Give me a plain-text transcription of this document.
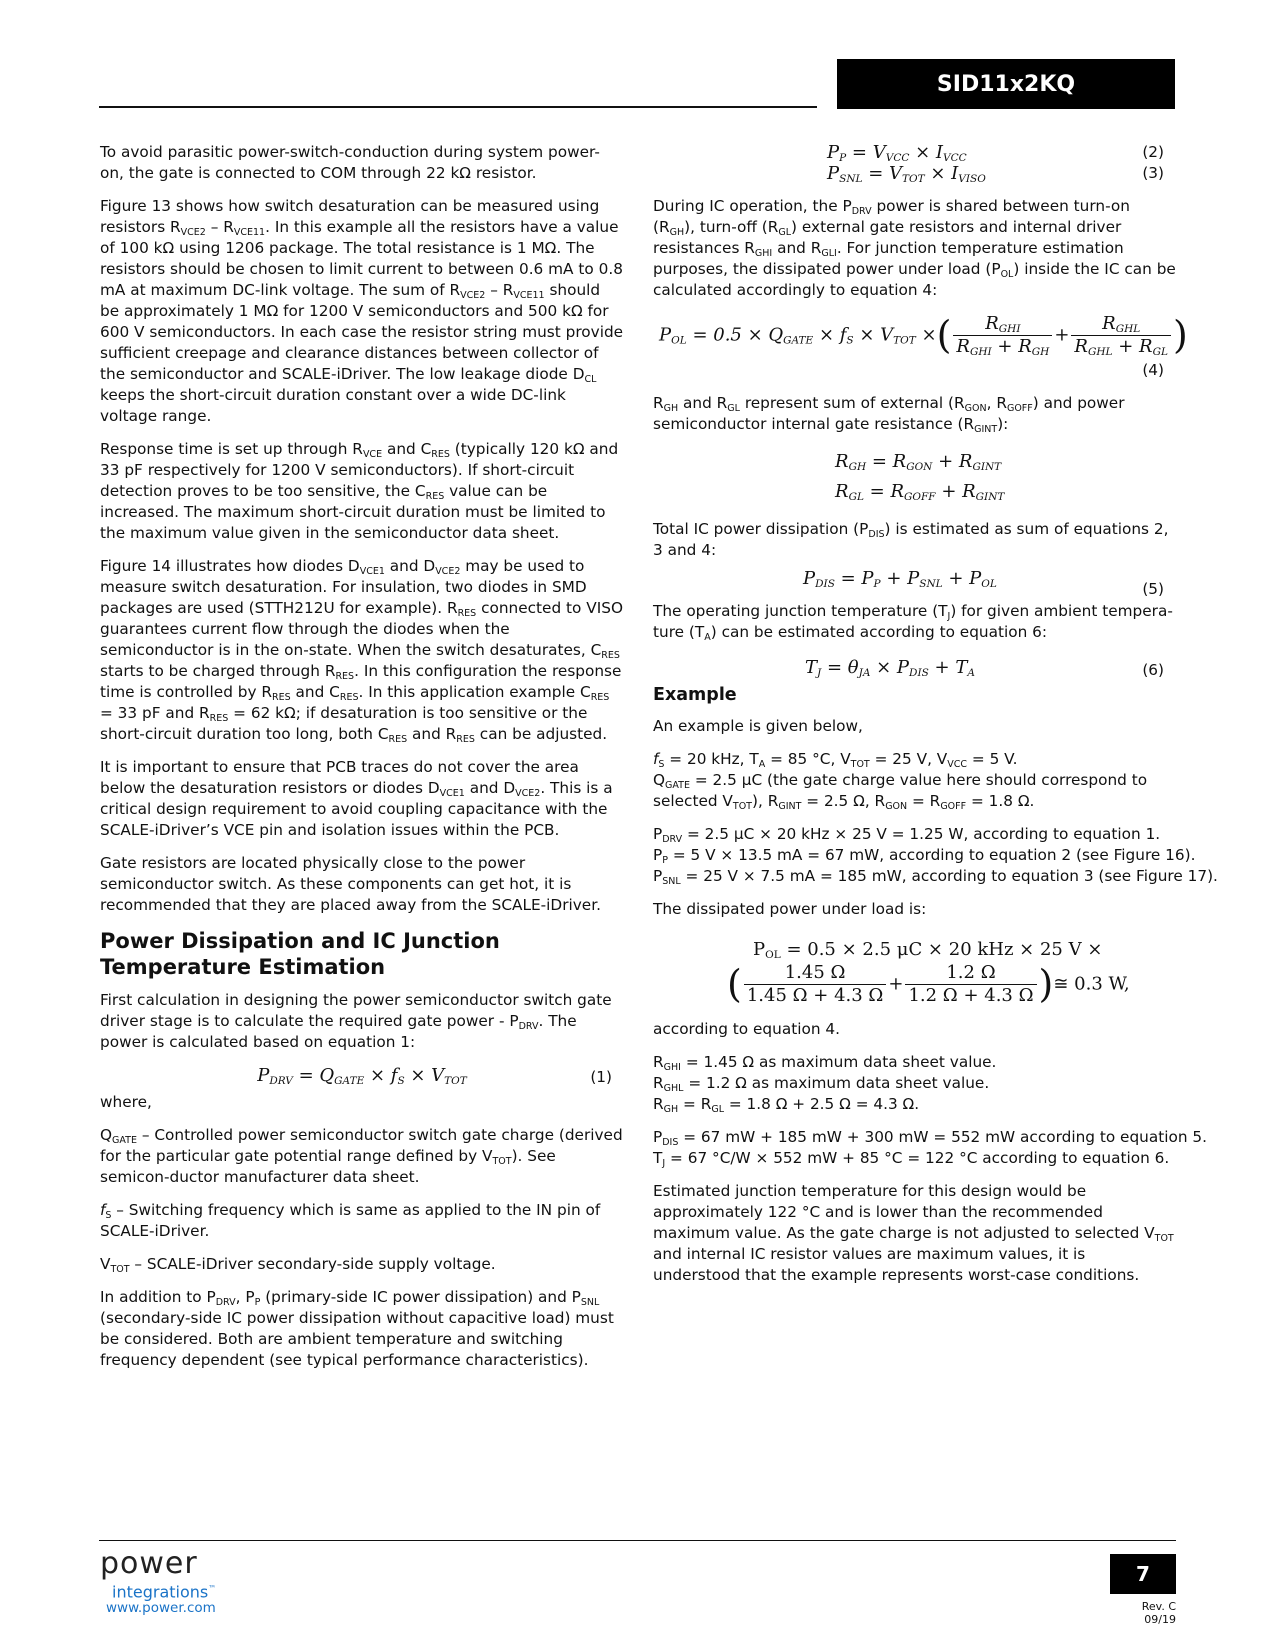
SID11x2KQ

To avoid parasitic power-switch-conduction during system power-on, the gate is connected to COM through 22 kΩ resistor.

Figure 13 shows how switch desaturation can be measured using resistors $R_{VCE2} - R_{VCE11}$. In this example all the resistors have a value of 100 kΩ using 1206 package. The total resistance is 1 MΩ. The resistors should be chosen to limit current to between 0.6 mA to 0.8 mA at maximum DC-link voltage. The sum of $R_{VCE2} - R_{VCE11}$ should be approximately 1 MΩ for 1200 V semiconductors and 500 kΩ for 600 V semiconductors. In each case the resistor string must provide sufficient creepage and clearance distances between collector of the semiconductor and SCALE-iDriver. The low leakage diode $D_{CL}$ keeps the short-circuit duration constant over a wide DC-link voltage range.

Response time is set up through $R_{VCE}$ and $C_{RES}$ (typically 120 kΩ and 33 pF respectively for 1200 V semiconductors). If short-circuit detection proves to be too sensitive, the $C_{RES}$ value can be increased. The maximum short-circuit duration must be limited to the maximum value given in the semiconductor data sheet.

Figure 14 illustrates how diodes $D_{VCE1}$ and $D_{VCE2}$ may be used to measure switch desaturation. For insulation, two diodes in SMD packages are used (STTH212U for example). $R_{RES}$ connected to VISO guarantees current flow through the diodes when the semiconductor is in the on-state. When the switch desaturates, $C_{RES}$ starts to be charged through $R_{RES}$. In this configuration the response time is controlled by $R_{RES}$ and $C_{RES}$. In this application example $C_{RES} = 33$ pF and $R_{RES} = 62$ kΩ; if desaturation is too sensitive or the short-circuit duration too long, both $C_{RES}$ and $R_{RES}$ can be adjusted.

It is important to ensure that PCB traces do not cover the area below the desaturation resistors or diodes $D_{VCE1}$ and $D_{VCE2}$. This is a critical design requirement to avoid coupling capacitance with the SCALE-iDriver’s VCE pin and isolation issues within the PCB.

Gate resistors are located physically close to the power semiconductor switch. As these components can get hot, it is recommended that they are placed away from the SCALE-iDriver.

Power Dissipation and IC Junction Temperature Estimation

First calculation in designing the power semiconductor switch gate driver stage is to calculate the required gate power - $P_{DRV}$. The power is calculated based on equation 1:

$P_{DRV} = Q_{GATE} \times f_S \times V_{TOT}$	(1)

where,

$Q_{GATE}$ – Controlled power semiconductor switch gate charge (derived for the particular gate potential range defined by $V_{TOT}$). See semicon-ductor manufacturer data sheet.

$f_S$ – Switching frequency which is same as applied to the IN pin of SCALE-iDriver.

$V_{TOT}$ – SCALE-iDriver secondary-side supply voltage.

In addition to $P_{DRV}$, $P_P$ (primary-side IC power dissipation) and $P_{SNL}$ (secondary-side IC power dissipation without capacitive load) must be considered. Both are ambient temperature and switching frequency dependent (see typical performance characteristics).

$P_P = V_{VCC} \times I_{VCC}$	(2)
$P_{SNL} = V_{TOT} \times I_{VISO}$	(3)

During IC operation, the $P_{DRV}$ power is shared between turn-on $(R_{GH})$, turn-off $(R_{GL})$ external gate resistors and internal driver resistances $R_{GHI}$ and $R_{GLI}$. For junction temperature estimation purposes, the dissipated power under load $(P_{OL})$ inside the IC can be calculated accordingly to equation 4:

$P_{OL} = 0.5 \times Q_{GATE} \times f_S \times V_{TOT}$ ×( $\frac{R_{GHI}}{R_{GHI} + R_{GH}} + \frac{R_{GHL}}{R_{GHL} + R_{GL}}$ )
(4)

$R_{GH}$ and $R_{GL}$ represent sum of external ($R_{GON}$, $R_{GOFF}$) and power semiconductor internal gate resistance $(R_{GINT})$:

$R_{GH} = R_{GON} + R_{GINT}$
$R_{GL} = R_{GOFF} + R_{GINT}$

Total IC power dissipation $(P_{DIS})$ is estimated as sum of equations 2, 3 and 4:

$P_{DIS} = P_P + P_{SNL} + P_{OL}$	(5)

The operating junction temperature $(T_J)$ for given ambient tempera-ture $(T_A)$ can be estimated according to equation 6:

$T_J = \theta_{JA} \times P_{DIS} + T_A$	(6)
Example

An example is given below,

$f_S = 20$ kHz, $T_A = 85$ °C, $V_{TOT} = 25$ V, $V_{VCC} = 5$ V.
$Q_{GATE} = 2.5$ μC (the gate charge value here should correspond to selected $V_{TOT}$), $R_{GINT} = 2.5$ Ω, $R_{GON} = R_{GOFF} = 1.8$ Ω.

$P_{DRV} = 2.5$ μC × 20 kHz × 25 V = 1.25 W, according to equation 1.
$P_P = 5$ V × 13.5 mA = 67 mW, according to equation 2 (see Figure 16).
$P_{SNL} = 25$ V × 7.5 mA = 185 mW, according to equation 3 (see Figure 17).

The dissipated power under load is:

$P_{OL} = 0.5 \times 2.5$ μC × 20 kHz × 25 V ×
( $\frac{1.45 \Omega}{1.45 \Omega + 4.3 \Omega} + \frac{1.2 \Omega}{1.2 \Omega + 4.3 \Omega}$ )≅ 0.3 W,

according to equation 4.

$R_{GHI} = 1.45$ Ω as maximum data sheet value.
$R_{GHL} = 1.2$ Ω as maximum data sheet value.
$R_{GH} = R_{GL} = 1.8$ Ω + 2.5 Ω = 4.3 Ω.

$P_{DIS} = 67$ mW + 185 mW + 300 mW = 552 mW according to equation 5.
$T_J = 67$ °C/W × 552 mW + 85 °C = 122 °C according to equation 6.

Estimated junction temperature for this design would be approximately 122 °C and is lower than the recommended maximum value. As the gate charge is not adjusted to selected $V_{TOT}$ and internal IC resistor values are maximum values, it is understood that the example represents worst-case conditions.

power
integrations™
www.power.com
7
Rev. C 09/19
